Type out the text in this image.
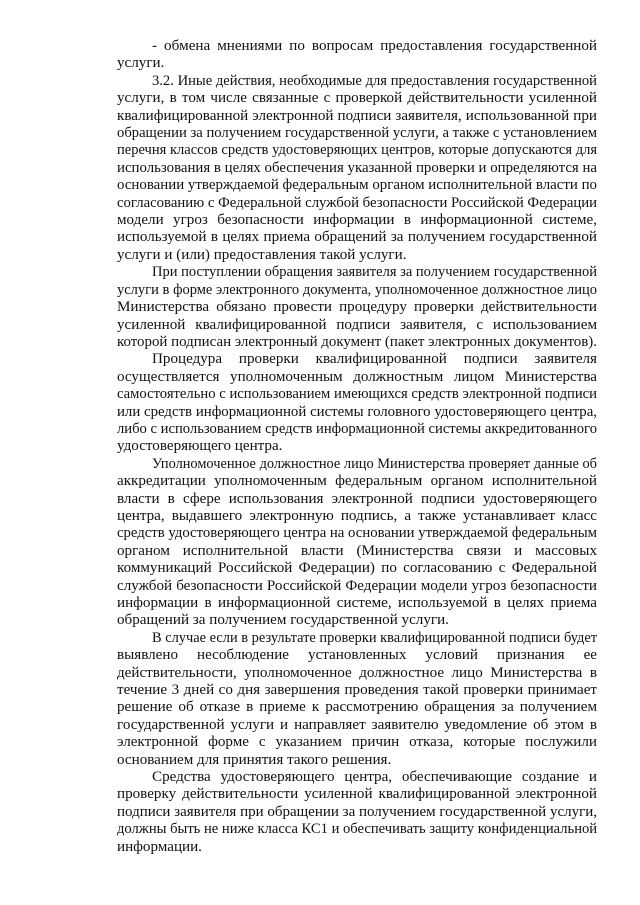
- обмена мнениями по вопросам предоставления государственной
услуги.
3.2. Иные действия, необходимые для предоставления государственной
услуги, в том числе связанные с проверкой действительности усиленной
квалифицированной электронной подписи заявителя, использованной при
обращении за получением государственной услуги, а также с установлением
перечня классов средств удостоверяющих центров, которые допускаются для
использования в целях обеспечения указанной проверки и определяются на
основании утверждаемой федеральным органом исполнительной власти по
согласованию с Федеральной службой безопасности Российской Федерации
модели угроз безопасности информации в информационной системе,
используемой в целях приема обращений за получением государственной
услуги и (или) предоставления такой услуги.
При поступлении обращения заявителя за получением государственной
услуги в форме электронного документа, уполномоченное должностное лицо
Министерства обязано провести процедуру проверки действительности
усиленной квалифицированной подписи заявителя, с использованием
которой подписан электронный документ (пакет электронных документов).
Процедура проверки квалифицированной подписи заявителя
осуществляется уполномоченным должностным лицом Министерства
самостоятельно с использованием имеющихся средств электронной подписи
или средств информационной системы головного удостоверяющего центра,
либо с использованием средств информационной системы аккредитованного
удостоверяющего центра.
Уполномоченное должностное лицо Министерства проверяет данные об
аккредитации уполномоченным федеральным органом исполнительной
власти в сфере использования электронной подписи удостоверяющего
центра, выдавшего электронную подпись, а также устанавливает класс
средств удостоверяющего центра на основании утверждаемой федеральным
органом исполнительной власти (Министерства связи и массовых
коммуникаций Российской Федерации) по согласованию с Федеральной
службой безопасности Российской Федерации модели угроз безопасности
информации в информационной системе, используемой в целях приема
обращений за получением государственной услуги.
В случае если в результате проверки квалифицированной подписи будет
выявлено несоблюдение установленных условий признания ее
действительности, уполномоченное должностное лицо Министерства в
течение 3 дней со дня завершения проведения такой проверки принимает
решение об отказе в приеме к рассмотрению обращения за получением
государственной услуги и направляет заявителю уведомление об этом в
электронной форме с указанием причин отказа, которые послужили
основанием для принятия такого решения.
Средства удостоверяющего центра, обеспечивающие создание и
проверку действительности усиленной квалифицированной электронной
подписи заявителя при обращении за получением государственной услуги,
должны быть не ниже класса КС1 и обеспечивать защиту конфиденциальной
информации.
